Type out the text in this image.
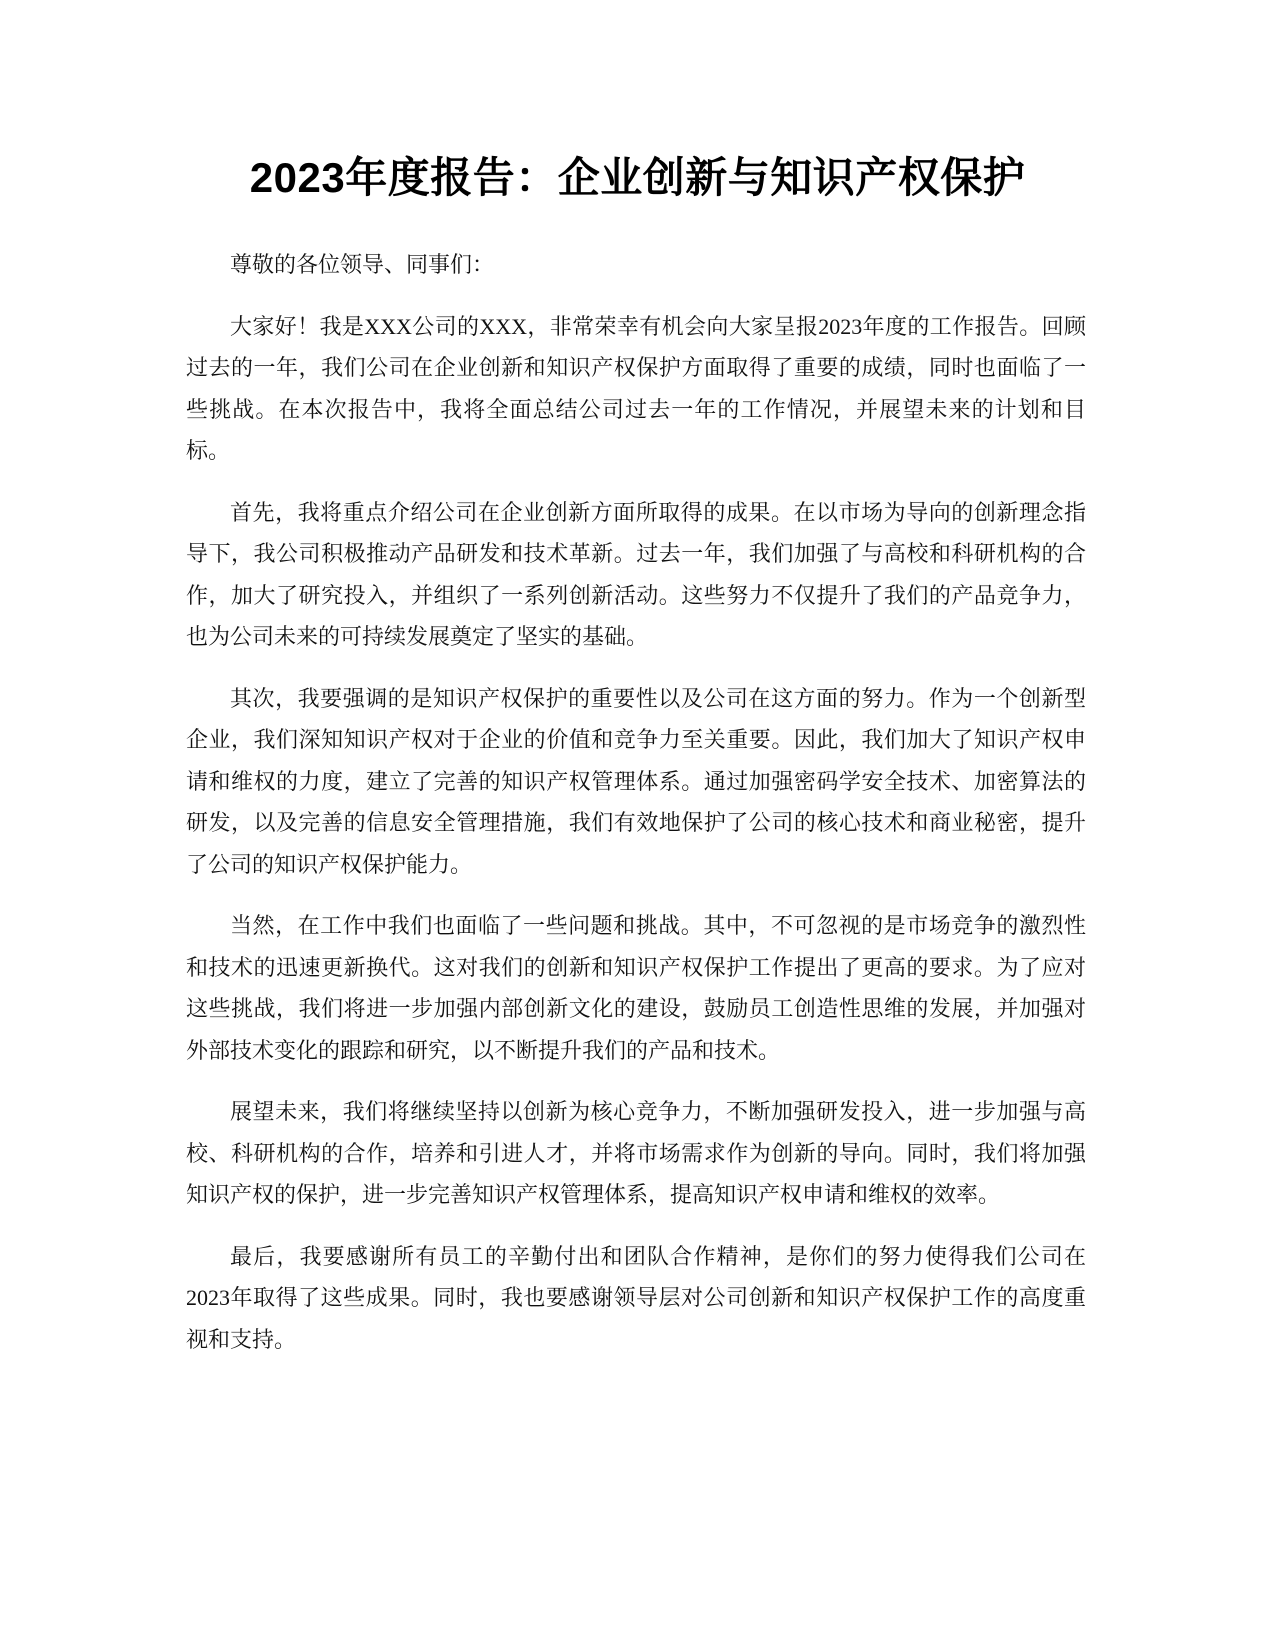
2023年度报告：企业创新与知识产权保护

尊敬的各位领导、同事们：

大家好！我是XXX公司的XXX，非常荣幸有机会向大家呈报2023年度的工作报告。回顾过去的一年，我们公司在企业创新和知识产权保护方面取得了重要的成绩，同时也面临了一些挑战。在本次报告中，我将全面总结公司过去一年的工作情况，并展望未来的计划和目标。

首先，我将重点介绍公司在企业创新方面所取得的成果。在以市场为导向的创新理念指导下，我公司积极推动产品研发和技术革新。过去一年，我们加强了与高校和科研机构的合作，加大了研究投入，并组织了一系列创新活动。这些努力不仅提升了我们的产品竞争力，也为公司未来的可持续发展奠定了坚实的基础。

其次，我要强调的是知识产权保护的重要性以及公司在这方面的努力。作为一个创新型企业，我们深知知识产权对于企业的价值和竞争力至关重要。因此，我们加大了知识产权申请和维权的力度，建立了完善的知识产权管理体系。通过加强密码学安全技术、加密算法的研发，以及完善的信息安全管理措施，我们有效地保护了公司的核心技术和商业秘密，提升了公司的知识产权保护能力。

当然，在工作中我们也面临了一些问题和挑战。其中，不可忽视的是市场竞争的激烈性和技术的迅速更新换代。这对我们的创新和知识产权保护工作提出了更高的要求。为了应对这些挑战，我们将进一步加强内部创新文化的建设，鼓励员工创造性思维的发展，并加强对外部技术变化的跟踪和研究，以不断提升我们的产品和技术。

展望未来，我们将继续坚持以创新为核心竞争力，不断加强研发投入，进一步加强与高校、科研机构的合作，培养和引进人才，并将市场需求作为创新的导向。同时，我们将加强知识产权的保护，进一步完善知识产权管理体系，提高知识产权申请和维权的效率。

最后，我要感谢所有员工的辛勤付出和团队合作精神，是你们的努力使得我们公司在2023年取得了这些成果。同时，我也要感谢领导层对公司创新和知识产权保护工作的高度重视和支持。
